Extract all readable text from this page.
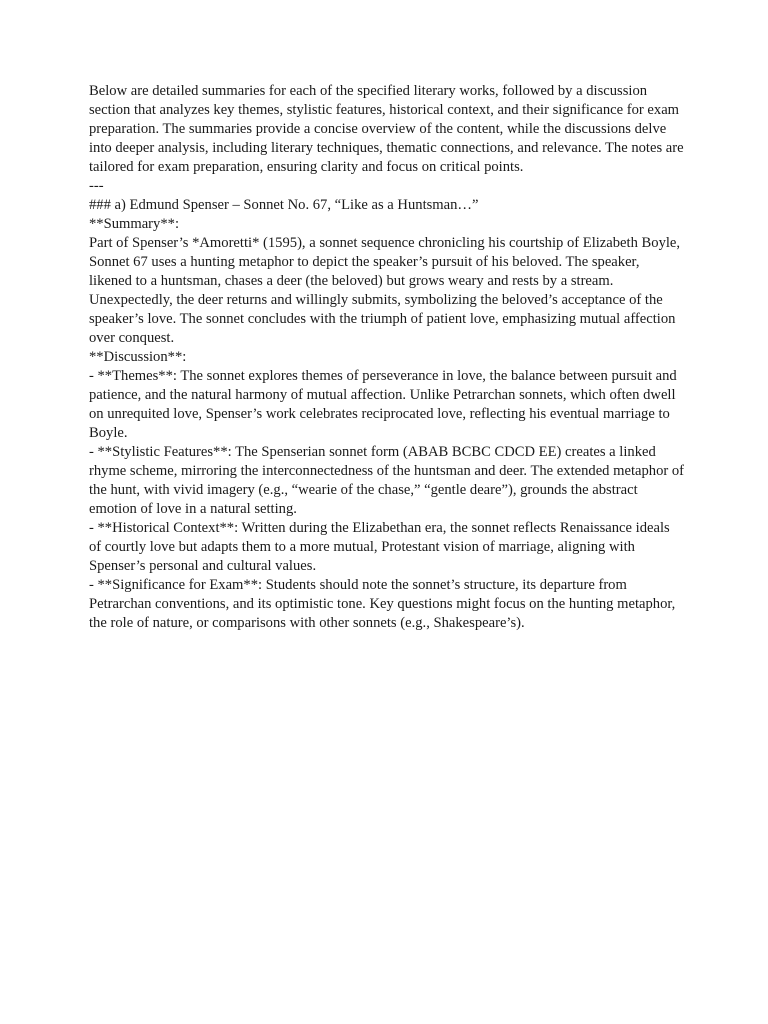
Below are detailed summaries for each of the specified literary works, followed by a discussion section that analyzes key themes, stylistic features, historical context, and their significance for exam preparation. The summaries provide a concise overview of the content, while the discussions delve into deeper analysis, including literary techniques, thematic connections, and relevance. The notes are tailored for exam preparation, ensuring clarity and focus on critical points.

---

### a) Edmund Spenser – Sonnet No. 67, “Like as a Huntsman…”

**Summary**:

Part of Spenser’s *Amoretti* (1595), a sonnet sequence chronicling his courtship of Elizabeth Boyle, Sonnet 67 uses a hunting metaphor to depict the speaker’s pursuit of his beloved. The speaker, likened to a huntsman, chases a deer (the beloved) but grows weary and rests by a stream. Unexpectedly, the deer returns and willingly submits, symbolizing the beloved’s acceptance of the speaker’s love. The sonnet concludes with the triumph of patient love, emphasizing mutual affection over conquest.

**Discussion**:

- **Themes**: The sonnet explores themes of perseverance in love, the balance between pursuit and patience, and the natural harmony of mutual affection. Unlike Petrarchan sonnets, which often dwell on unrequited love, Spenser’s work celebrates reciprocated love, reflecting his eventual marriage to Boyle.

- **Stylistic Features**: The Spenserian sonnet form (ABAB BCBC CDCD EE) creates a linked rhyme scheme, mirroring the interconnectedness of the huntsman and deer. The extended metaphor of the hunt, with vivid imagery (e.g., “wearie of the chase,” “gentle deare”), grounds the abstract emotion of love in a natural setting.

- **Historical Context**: Written during the Elizabethan era, the sonnet reflects Renaissance ideals of courtly love but adapts them to a more mutual, Protestant vision of marriage, aligning with Spenser’s personal and cultural values.

- **Significance for Exam**: Students should note the sonnet’s structure, its departure from Petrarchan conventions, and its optimistic tone. Key questions might focus on the hunting metaphor, the role of nature, or comparisons with other sonnets (e.g., Shakespeare’s).
